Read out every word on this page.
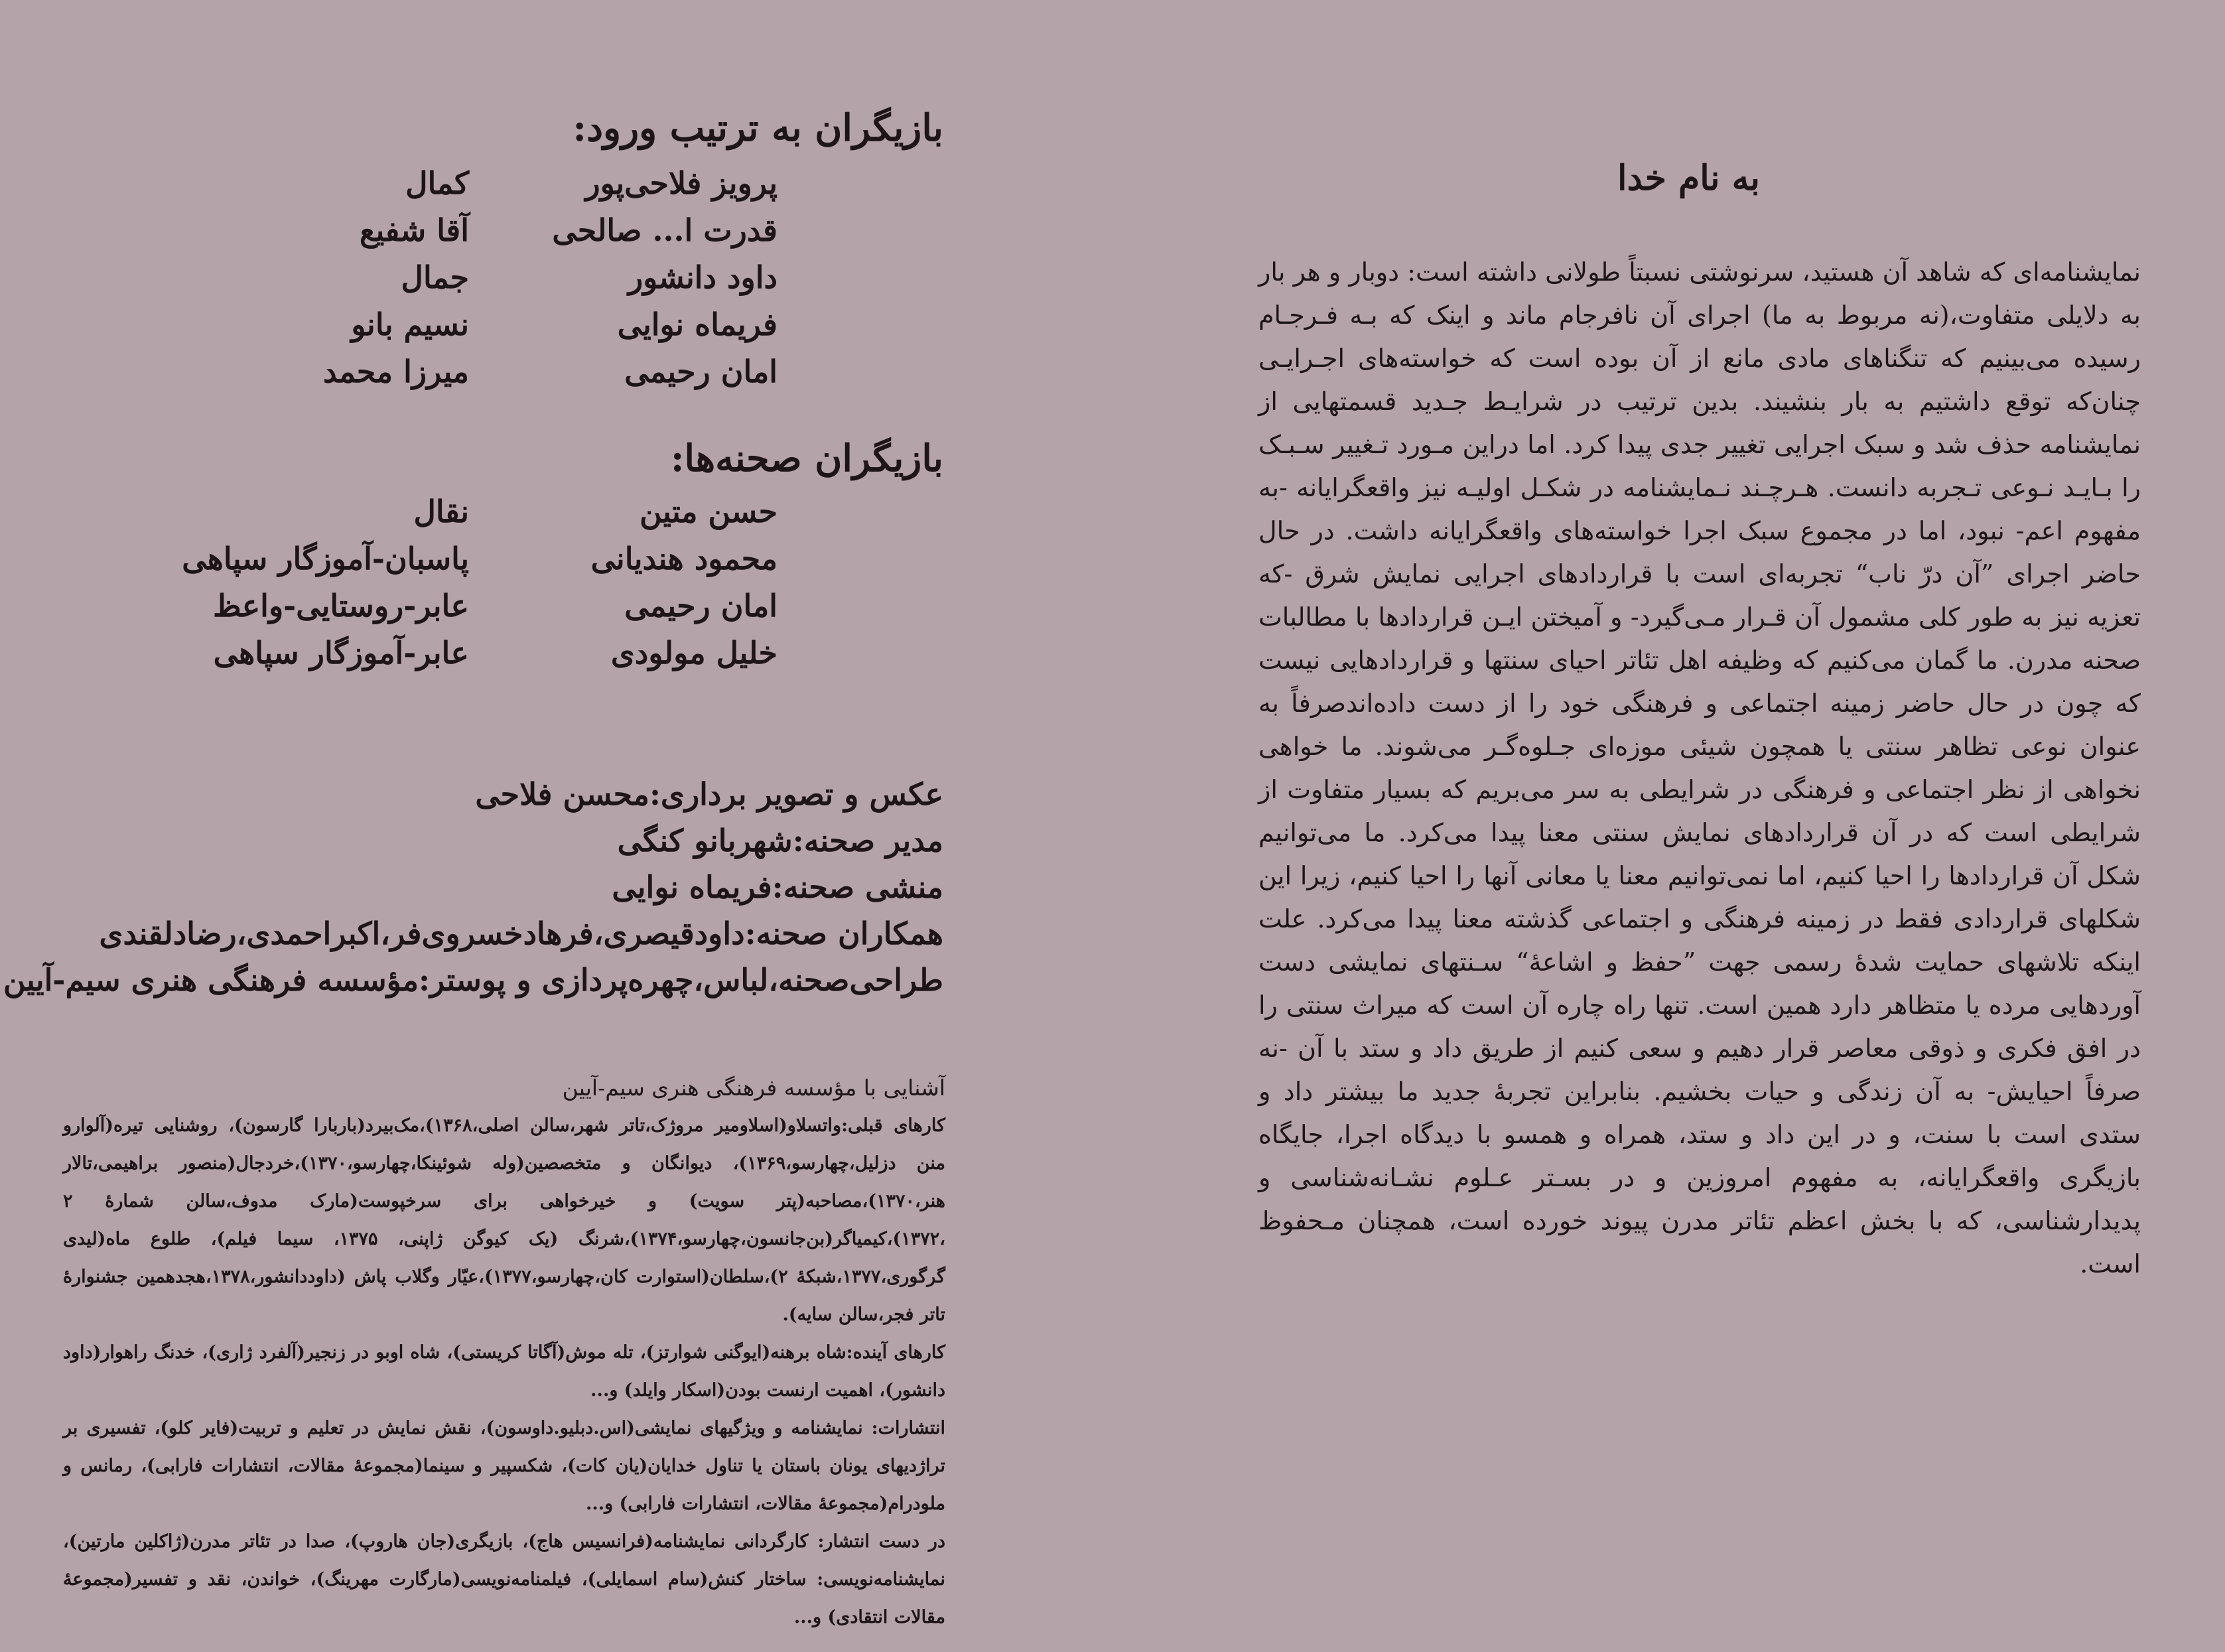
بازیگران به ترتیب ورود:
پرویز فلاحی‌پور
کمال
قدرت ا... صالحی
آقا شفیع
داود دانشور
جمال
فریماه نوایی
نسیم بانو
امان رحیمی
میرزا محمد
بازیگران صحنه‌ها:
حسن متین
نقال
محمود هندیانی
پاسبان-آموزگار سپاهی
امان رحیمی
عابر-روستایی-واعظ
خلیل مولودی
عابر-آموزگار سپاهی
عکس و تصویر برداری:محسن فلاحی
مدیر صحنه:شهربانو کنگی
منشی صحنه:فریماه نوایی
همکاران صحنه:داودقیصری،فرهادخسروی‌فر،اکبراحمدی،رضادلقندی
طراحی‌صحنه،لباس،چهره‌پردازی و پوستر:مؤسسه فرهنگی هنری سیم-آیین
آشنایی با مؤسسه فرهنگی هنری سیم-آیین

کارهای قبلی:واتسلاو(اسلاومیر مروژک،تاتر شهر،سالن اصلی،۱۳۶۸)،مک‌بیرد(باربارا گارسون)، روشنایی تیره(آلوارو منن دزلیل،چهارسو،۱۳۶۹)، دیوانگان و متخصصین(وله شوئینکا،چهارسو،۱۳۷۰)،خردجال(منصور براهیمی،تالار هنر،۱۳۷۰)،مصاحبه(پتر سویت) و خیرخواهی برای سرخپوست(مارک مدوف،سالن شمارهٔ ۲ ،۱۳۷۲)،کیمیاگر(بن‌جانسون،چهارسو،۱۳۷۴)،شرنگ (یک کیوگن ژاپنی، ۱۳۷۵، سیما فیلم)، طلوع ماه(لیدی گرگوری،۱۳۷۷،شبکهٔ ۲)،سلطان(استوارت کان،چهارسو،۱۳۷۷)،عیّار وگلاب پاش (داوددانشور،۱۳۷۸،هجدهمین جشنوارهٔ تاتر فجر،سالن سایه).

کارهای آینده:شاه برهنه(ایوگنی شوارتز)، تله موش(آگاتا کریستی)، شاه اوبو در زنجیر(آلفرد ژاری)، خدنگ راهوار(داود دانشور)، اهمیت ارنست بودن(اسکار وایلد) و...

انتشارات: نمایشنامه و ویژگیهای نمایشی(اس.دبلیو.داوسون)، نقش نمایش در تعلیم و تربیت(فایر کلو)، تفسیری بر تراژدیهای یونان باستان یا تناول خدایان(یان کات)، شکسپیر و سینما(مجموعهٔ مقالات، انتشارات فارابی)، رمانس و ملودرام(مجموعهٔ مقالات، انتشارات فارابی) و...

در دست انتشار: کارگردانی نمایشنامه(فرانسیس هاج)، بازیگری(جان هاروپ)، صدا در تئاتر مدرن(ژاکلین مارتین)، نمایشنامه‌نویسی: ساختار کنش(سام اسمایلی)، فیلمنامه‌نویسی(مارگارت مهرینگ)، خواندن، نقد و تفسیر(مجموعهٔ مقالات انتقادی) و...

به نام خدا

نمایشنامه‌ای که شاهد آن هستید، سرنوشتی نسبتاً طولانی داشته است: دوبار و هر بار به دلایلی متفاوت،(نه مربوط به ما) اجرای آن نافرجام ماند و اینک که بـه فـرجـام رسیده می‌بینیم که تنگناهای مادی مانع از آن بوده است که خواسته‌های اجـرایـی چنان‌که توقع داشتیم به بار بنشیند. بدین ترتیب در شرایـط جـدید قسمتهایی از نمایشنامه حذف شد و سبک اجرایی تغییر جدی پیدا کرد. اما دراین مـورد تـغییر سـبـک را بـایـد نـوعی تـجربه دانست. هـرچـند نـمایشنامه در شکـل اولیـه نیز واقعگرایانه -به مفهوم اعم- نبود، اما در مجموع سبک اجرا خواسته‌های واقعگرایانه داشت. در حال حاضر اجرای ”آن درّ ناب“ تجربه‌ای است با قراردادهای اجرایی نمایش شرق -که تعزیه نیز به طور کلی مشمول آن قـرار مـی‌گیرد- و آمیختن ایـن قراردادها با مطالبات صحنه مدرن. ما گمان می‌کنیم که وظیفه اهل تئاتر احیای سنتها و قراردادهایی نیست که چون در حال حاضر زمینه اجتماعی و فرهنگی خود را از دست داده‌اندصرفاً به عنوان نوعی تظاهر سنتی یا همچون شیئی موزه‌ای جـلوه‌گـر می‌شوند. ما خواهی نخواهی از نظر اجتماعی و فرهنگی در شرایطی به سر می‌بریم که بسیار متفاوت از شرایطی است که در آن قراردادهای نمایش سنتی معنا پیدا می‌کرد. ما می‌توانیم شکل آن قراردادها را احیا کنیم، اما نمی‌توانیم معنا یا معانی آنها را احیا کنیم، زیرا این شکلهای قراردادی فقط در زمینه فرهنگی و اجتماعی گذشته معنا پیدا می‌کرد. علت اینکه تلاشهای حمایت شدهٔ رسمی جهت ”حفظ و اشاعهٔ“ سـنتهای نمایشی دست آوردهایی مرده یا متظاهر دارد همین است. تنها راه چاره آن است که میراث سنتی را در افق فکری و ذوقی معاصر قرار دهیم و سعی کنیم از طریق داد و ستد با آن -نه صرفاً احیایش- به آن زندگی و حیات بخشیم. بنابراین تجربهٔ جدید ما بیشتر داد و ستدی است با سنت، و در این داد و ستد، همراه و همسو با دیدگاه اجرا، جایگاه بازیگری واقعگرایانه، به مفهوم امروزین و در بسـتر عـلوم نشـانه‌شناسی و پدیدارشناسی، که با بخش اعظم تئاتر مدرن پیوند خورده است، همچنان مـحفوظ است.
